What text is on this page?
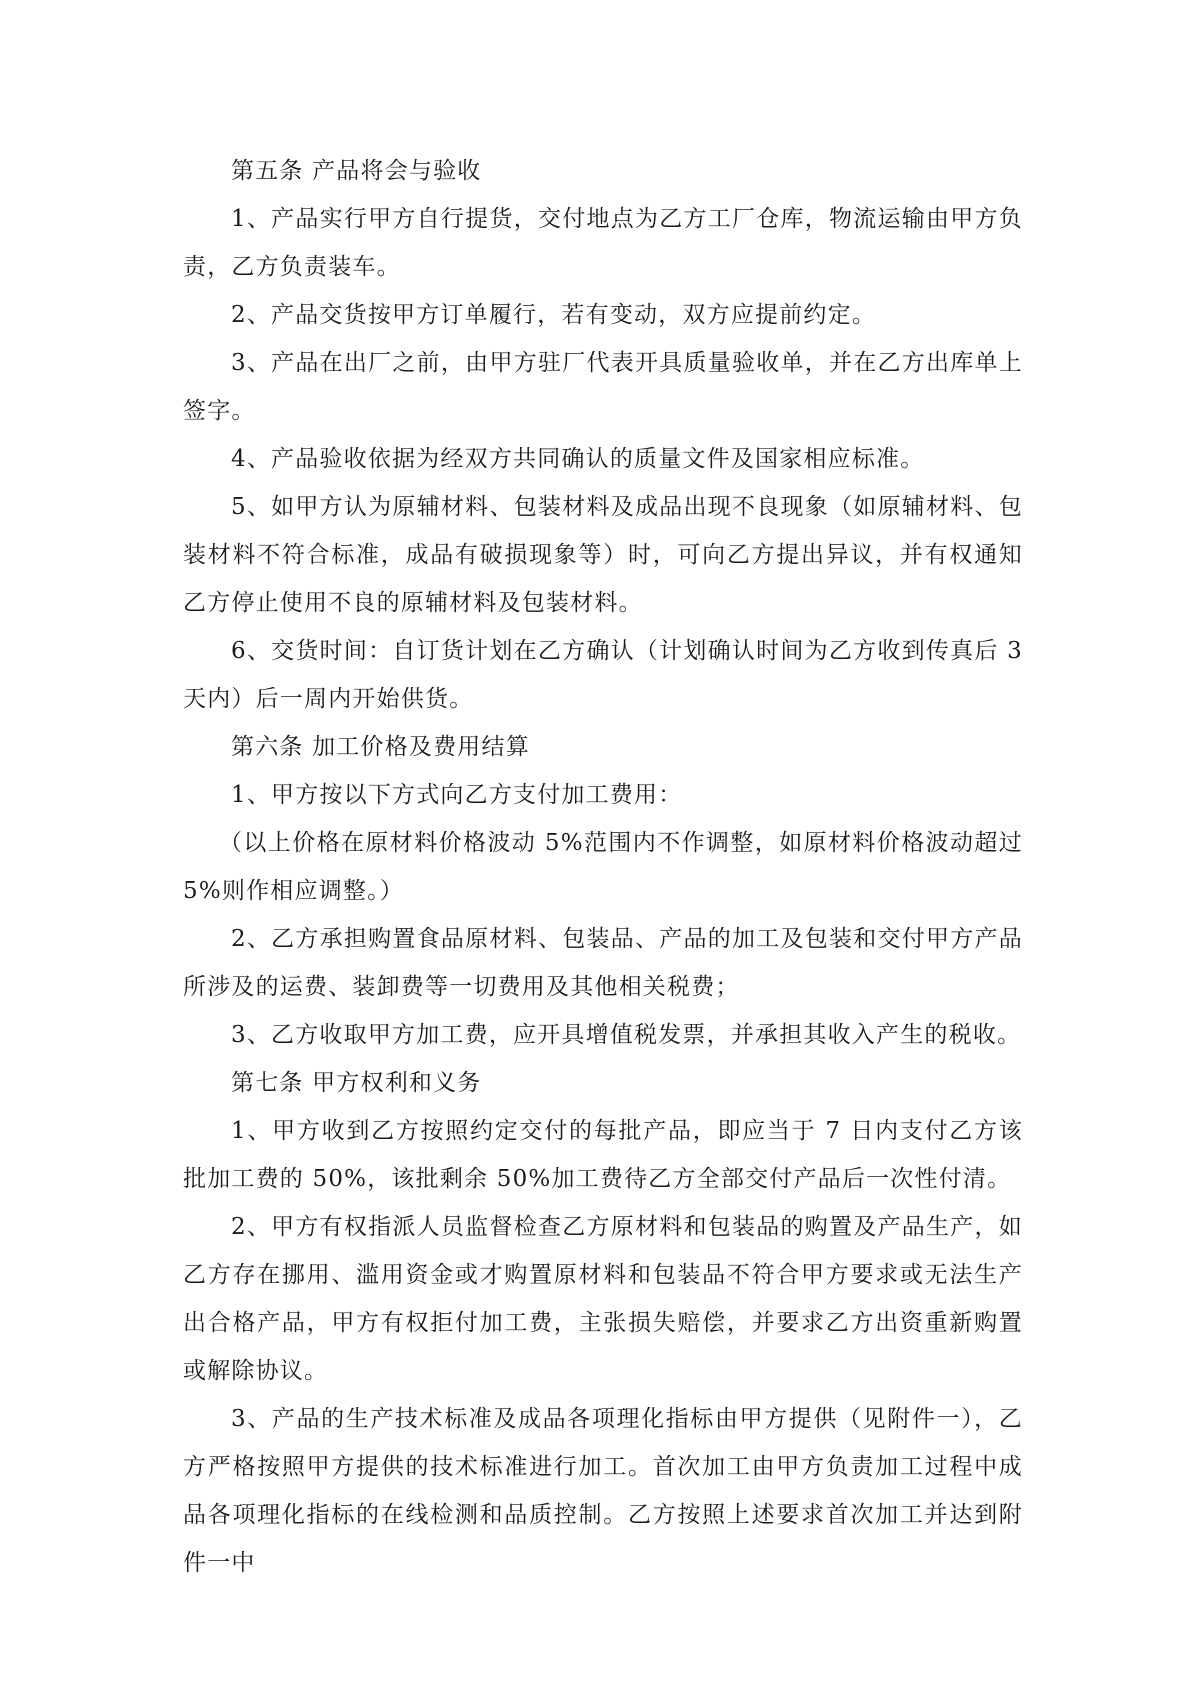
第五条 产品将会与验收

1、产品实行甲方自行提货，交付地点为乙方工厂仓库，物流运输由甲方负责，乙方负责装车。

2、产品交货按甲方订单履行，若有变动，双方应提前约定。

3、产品在出厂之前，由甲方驻厂代表开具质量验收单，并在乙方出库单上签字。

4、产品验收依据为经双方共同确认的质量文件及国家相应标准。

5、如甲方认为原辅材料、包装材料及成品出现不良现象（如原辅材料、包装材料不符合标准，成品有破损现象等）时，可向乙方提出异议，并有权通知乙方停止使用不良的原辅材料及包装材料。

6、交货时间：自订货计划在乙方确认（计划确认时间为乙方收到传真后 3 天内）后一周内开始供货。

第六条 加工价格及费用结算

1、甲方按以下方式向乙方支付加工费用：

（以上价格在原材料价格波动 5%范围内不作调整，如原材料价格波动超过 5%则作相应调整。）

2、乙方承担购置食品原材料、包装品、产品的加工及包装和交付甲方产品所涉及的运费、装卸费等一切费用及其他相关税费；

3、乙方收取甲方加工费，应开具增值税发票，并承担其收入产生的税收。

第七条 甲方权利和义务

1、甲方收到乙方按照约定交付的每批产品，即应当于 7 日内支付乙方该批加工费的 50%，该批剩余 50%加工费待乙方全部交付产品后一次性付清。

2、甲方有权指派人员监督检查乙方原材料和包装品的购置及产品生产，如乙方存在挪用、滥用资金或才购置原材料和包装品不符合甲方要求或无法生产出合格产品，甲方有权拒付加工费，主张损失赔偿，并要求乙方出资重新购置或解除协议。

3、产品的生产技术标准及成品各项理化指标由甲方提供（见附件一），乙方严格按照甲方提供的技术标准进行加工。首次加工由甲方负责加工过程中成品各项理化指标的在线检测和品质控制。乙方按照上述要求首次加工并达到附件一中
